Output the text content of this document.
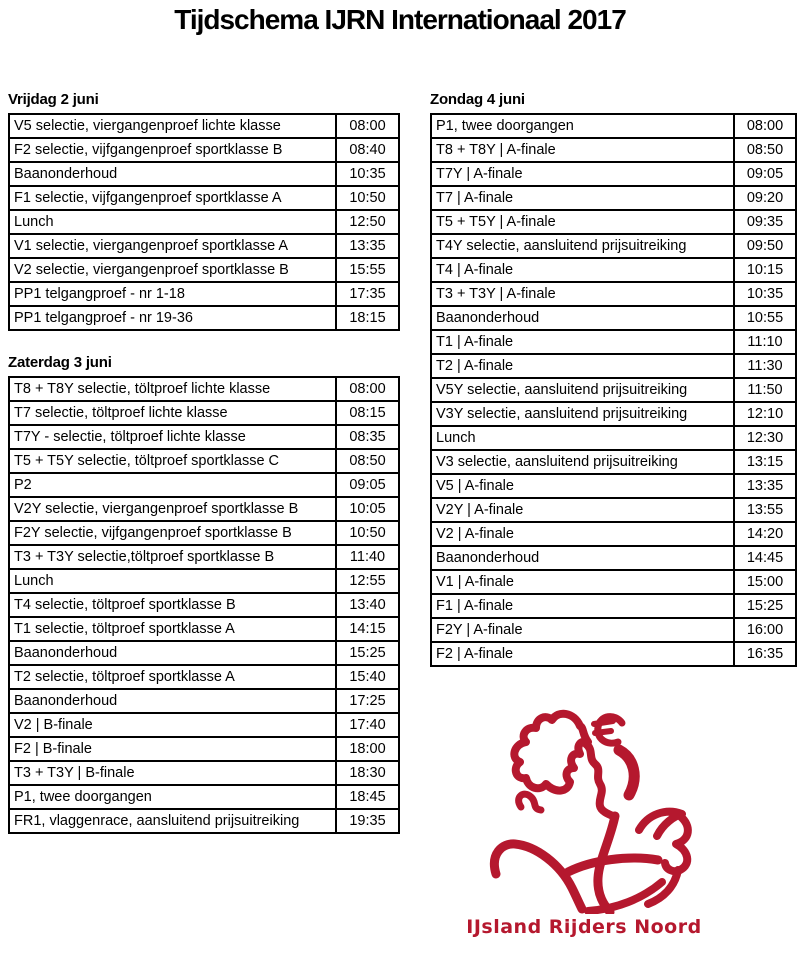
Tijdschema IJRN Internationaal 2017
Vrijdag 2 juni
V5 selectie, viergangenproef lichte klasse	08:00
F2 selectie, vijfgangenproef sportklasse B	08:40
Baanonderhoud	10:35
F1 selectie, vijfgangenproef sportklasse A	10:50
Lunch	12:50
V1 selectie, viergangenproef sportklasse A	13:35
V2 selectie, viergangenproef sportklasse B	15:55
PP1 telgangproef - nr 1-18	17:35
PP1 telgangproef - nr 19-36	18:15
Zaterdag 3 juni
T8 + T8Y selectie, töltproef lichte klasse	08:00
T7 selectie, töltproef lichte klasse	08:15
T7Y - selectie, töltproef lichte klasse	08:35
T5 + T5Y selectie, töltproef sportklasse C	08:50
P2	09:05
V2Y selectie, viergangenproef sportklasse B	10:05
F2Y selectie, vijfgangenproef sportklasse B	10:50
T3 + T3Y selectie,töltproef sportklasse B	11:40
Lunch	12:55
T4 selectie, töltproef sportklasse B	13:40
T1 selectie, töltproef sportklasse A	14:15
Baanonderhoud	15:25
T2 selectie, töltproef sportklasse A	15:40
Baanonderhoud	17:25
V2 | B-finale	17:40
F2 | B-finale	18:00
T3 + T3Y | B-finale	18:30
P1, twee doorgangen	18:45
FR1, vlaggenrace, aansluitend prijsuitreiking	19:35
Zondag 4 juni
P1, twee doorgangen	08:00
T8 + T8Y | A-finale	08:50
T7Y | A-finale	09:05
T7 | A-finale	09:20
T5 + T5Y | A-finale	09:35
T4Y selectie, aansluitend prijsuitreiking	09:50
T4 | A-finale	10:15
T3 + T3Y | A-finale	10:35
Baanonderhoud	10:55
T1 | A-finale	11:10
T2 | A-finale	11:30
V5Y selectie, aansluitend prijsuitreiking	11:50
V3Y selectie, aansluitend prijsuitreiking	12:10
Lunch	12:30
V3 selectie, aansluitend prijsuitreiking	13:15
V5 | A-finale	13:35
V2Y | A-finale	13:55
V2 | A-finale	14:20
Baanonderhoud	14:45
V1 | A-finale	15:00
F1 | A-finale	15:25
F2Y | A-finale	16:00
F2 | A-finale	16:35
IJsland Rijders Noord
